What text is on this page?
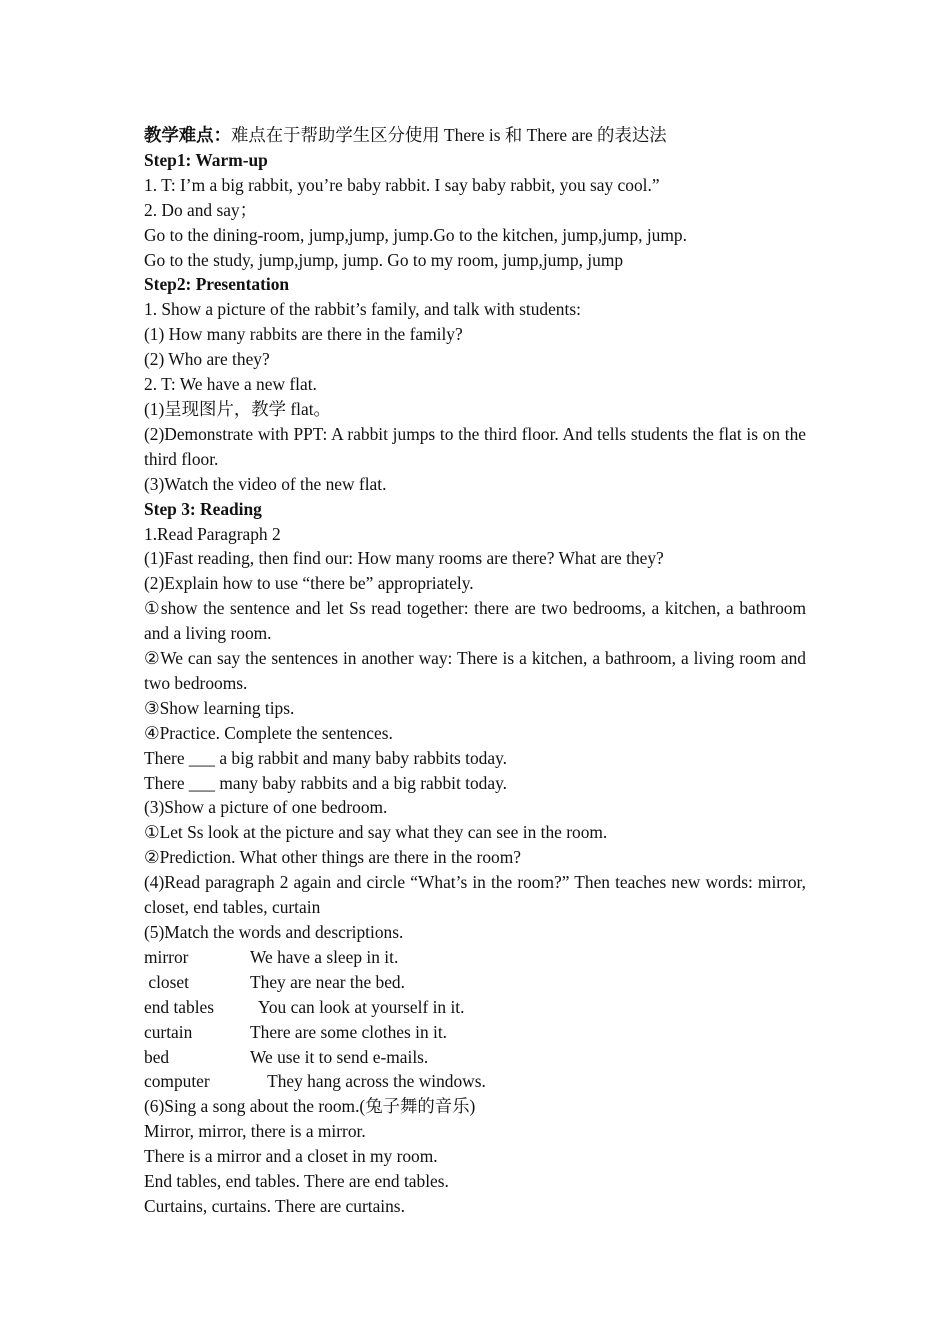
教学难点：难点在于帮助学生区分使用 There is 和 There are 的表达法

Step1: Warm-up

1. T: I’m a big rabbit, you’re baby rabbit. I say baby rabbit, you say cool.”

2. Do and say；

Go to the dining-room, jump,jump, jump.Go to the kitchen, jump,jump, jump.

Go to the study, jump,jump, jump. Go to my room, jump,jump, jump

Step2: Presentation

1. Show a picture of the rabbit’s family, and talk with students:

(1) How many rabbits are there in the family?

(2) Who are they?

2. T: We have a new flat.

(1)呈现图片，教学 flat。

(2)Demonstrate with PPT: A rabbit jumps to the third floor. And tells students the flat is on the third floor.

(3)Watch the video of the new flat.

Step 3: Reading

1.Read Paragraph 2

(1)Fast reading, then find our: How many rooms are there? What are they?

(2)Explain how to use “there be” appropriately.

①show the sentence and let Ss read together: there are two bedrooms, a kitchen, a bathroom and a living room.

②We can say the sentences in another way: There is a kitchen, a bathroom, a living room and two bedrooms.

③Show learning tips.

④Practice. Complete the sentences.

There ___ a big rabbit and many baby rabbits today.

There ___ many baby rabbits and a big rabbit today.

(3)Show a picture of one bedroom.

①Let Ss look at the picture and say what they can see in the room.

②Prediction. What other things are there in the room?

(4)Read paragraph 2 again and circle “What’s in the room?” Then teaches new words: mirror, closet, end tables, curtain

(5)Match the words and descriptions.

mirror	We have a sleep in it.
closet	They are near the bed.
end tables	You can look at yourself in it.
curtain	There are some clothes in it.
bed	We use it to send e-mails.
computer	They hang across the windows.

(6)Sing a song about the room.(兔子舞的音乐)

Mirror, mirror, there is a mirror.

There is a mirror and a closet in my room.

End tables, end tables. There are end tables.

Curtains, curtains. There are curtains.
